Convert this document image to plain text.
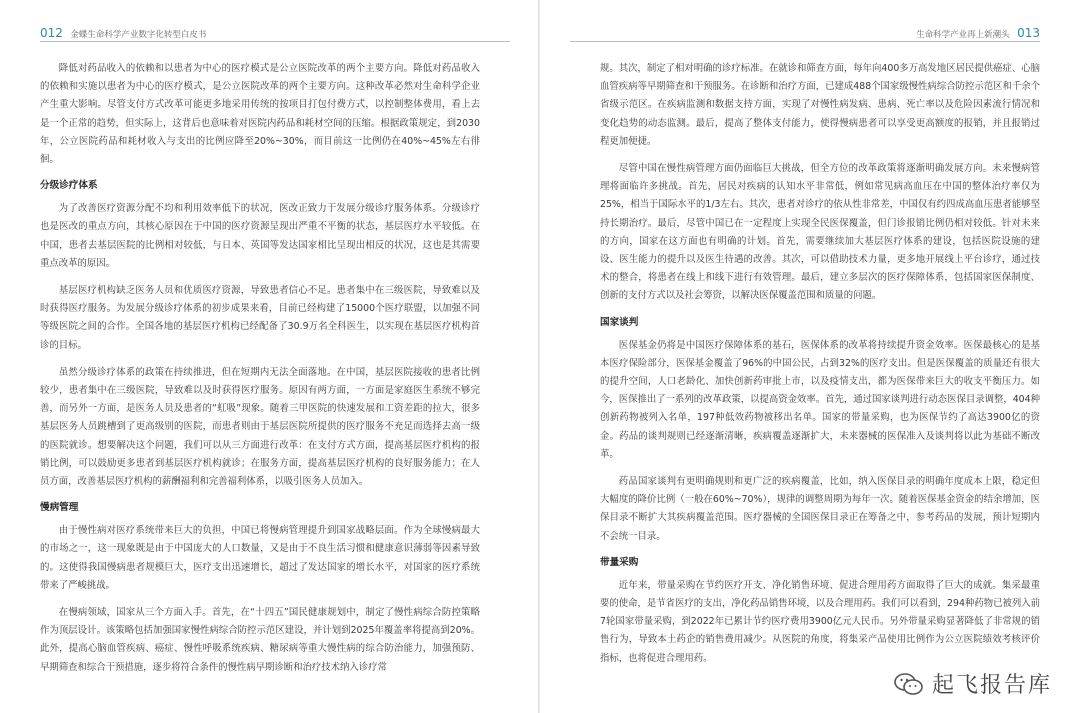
012 金蝶生命科学产业数字化转型白皮书

降低对药品收入的依赖和以患者为中心的医疗模式是公立医院改革的两个主要方向。降低对药品收入的依赖和实施以患者为中心的医疗模式，是公立医院改革的两个主要方向。这种改革必然对生命科学企业产生重大影响。尽管支付方式改革可能更多地采用传统的按项目打包付费方式，以控制整体费用，看上去是一个正常的趋势，但实际上，这背后也意味着对医院内药品和耗材空间的压缩。根据政策规定，到2030年，公立医院药品和耗材收入与支出的比例应降至20%~30%，而目前这一比例仍在40%~45%左右徘徊。

分级诊疗体系

为了改善医疗资源分配不均和利用效率低下的状况，医改正致力于发展分级诊疗服务体系。分级诊疗也是医改的重点方向，其核心原因在于中国的医疗资源呈现出严重不平衡的状态，基层医疗水平较低。在中国，患者去基层医院的比例相对较低，与日本、英国等发达国家相比呈现出相反的状况，这也是其需要重点改革的原因。

基层医疗机构缺乏医务人员和优质医疗资源，导致患者信心不足。患者集中在三级医院，导致难以及时获得医疗服务。为发展分级诊疗体系的初步成果来看，目前已经构建了15000个医疗联盟，以加强不同等级医院之间的合作。全国各地的基层医疗机构已经配备了30.9万名全科医生，以实现在基层医疗机构首诊的目标。

虽然分级诊疗体系的政策在持续推进，但在短期内无法全面落地。在中国，基层医院接收的患者比例较少，患者集中在三级医院，导致难以及时获得医疗服务。原因有两方面，一方面是家庭医生系统不够完善，而另外一方面，是医务人员及患者的“虹吸”现象。随着三甲医院的快速发展和工资差距的拉大，很多基层医务人员跳槽到了更高级别的医院，而患者则由于基层医院所提供的医疗服务不充足而选择去高一级的医院就诊。想要解决这个问题，我们可以从三方面进行改革：在支付方式方面，提高基层医疗机构的报销比例，可以鼓励更多患者到基层医疗机构就诊；在服务方面，提高基层医疗机构的良好服务能力；在人员方面，改善基层医疗机构的薪酬福利和完善福利体系，以吸引医务人员加入。

慢病管理

由于慢性病对医疗系统带来巨大的负担，中国已将慢病管理提升到国家战略层面。作为全球慢病最大的市场之一，这一现象既是由于中国庞大的人口数量，又是由于不良生活习惯和健康意识薄弱等因素导致的。这使得我国慢病患者规模巨大，医疗支出迅速增长，超过了发达国家的增长水平，对国家的医疗系统带来了严峻挑战。

在慢病领域，国家从三个方面入手。首先，在“十四五”国民健康规划中，制定了慢性病综合防控策略作为顶层设计。该策略包括加强国家慢性病综合防控示范区建设，并计划到2025年覆盖率将提高到20%。此外，提高心脑血管疾病、癌症、慢性呼吸系统疾病、糖尿病等重大慢性病的综合防治能力，加强预防、早期筛查和综合干预措施，逐步将符合条件的慢性病早期诊断和治疗技术纳入诊疗常

生命科学产业再上新潮头 013

规。其次，制定了相对明确的诊疗标准。在就诊和筛查方面，每年向400多万高发地区居民提供癌症、心脑血管疾病等早期筛查和干预服务。在诊断和治疗方面，已建成488个国家级慢性病综合防控示范区和千余个省级示范区。在疾病监测和数据支持方面，实现了对慢性病发病、患病、死亡率以及危险因素流行情况和变化趋势的动态监测。最后，提高了整体支付能力，使得慢病患者可以享受更高额度的报销，并且报销过程更加便捷。

尽管中国在慢性病管理方面仍面临巨大挑战，但全方位的改革政策将逐渐明确发展方向。未来慢病管理将面临许多挑战。首先，居民对疾病的认知水平非常低，例如常见病高血压在中国的整体治疗率仅为25%，相当于国际水平的1/3左右。其次，患者对诊疗的依从性非常差，中国仅有约四成高血压患者能够坚持长期治疗。最后，尽管中国已在一定程度上实现全民医保覆盖，但门诊报销比例仍相对较低。针对未来的方向，国家在这方面也有明确的计划。首先，需要继续加大基层医疗体系的建设，包括医院设施的建设、医生能力的提升以及医生待遇的改善。其次，可以借助技术力量，更多地开展线上平台诊疗，通过技术的整合，将患者在线上和线下进行有效管理。最后，建立多层次的医疗保障体系，包括国家医保制度、创新的支付方式以及社会筹资，以解决医保覆盖范围和质量的问题。

国家谈判

医保基金仍将是中国医疗保障体系的基石，医保体系的改革将持续提升资金效率。医保最核心的是基本医疗保险部分，医保基金覆盖了96%的中国公民，占到32%的医疗支出。但是医保覆盖的质量还有很大的提升空间，人口老龄化、加快创新药审批上市，以及疫情支出，都为医保带来巨大的收支平衡压力。如今，医保推出了一系列的改革政策，以提高资金效率。首先，通过国家谈判进行动态医保目录调整，404种创新药物被列入名单，197种低效药物被移出名单。国家的带量采购，也为医保节约了高达3900亿的资金。药品的谈判规则已经逐渐清晰，疾病覆盖逐渐扩大，未来器械的医保准入及谈判将以此为基础不断改革。

药品国家谈判有更明确规则和更广泛的疾病覆盖，比如，纳入医保目录的明确年度成本上限，稳定但大幅度的降价比例（一般在60%~70%），规律的调整周期为每年一次。随着医保基金资金的结余增加，医保目录不断扩大其疾病覆盖范围。医疗器械的全国医保目录正在筹备之中，参考药品的发展，预计短期内不会统一目录。

带量采购

近年来，带量采购在节约医疗开支、净化销售环境、促进合理用药方面取得了巨大的成就。集采最重要的使命，是节省医疗的支出，净化药品销售环境，以及合理用药。我们可以看到，294种药物已被列入前7轮国家带量采购，到2022年已累计节约医疗费用3900亿元人民币。另外带量采购显著降低了非常规的销售行为，导致本土药企的销售费用减少。从医院的角度，将集采产品使用比例作为公立医院绩效考核评价指标，也将促进合理用药。

起飞报告库
